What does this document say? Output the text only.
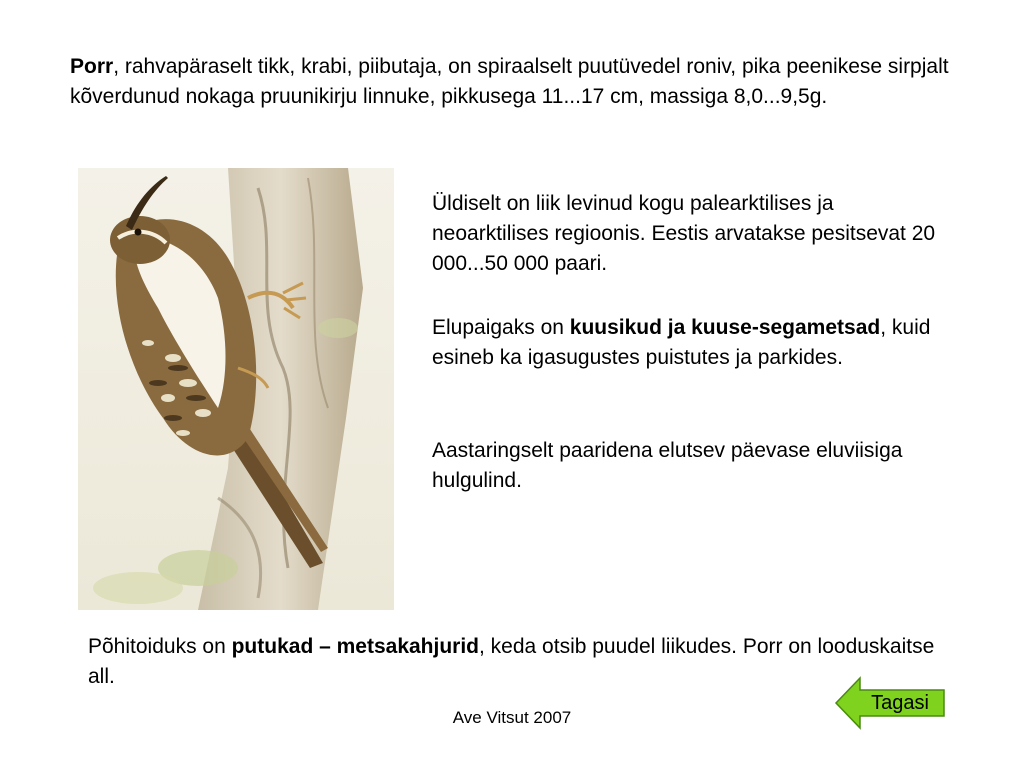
Porr, rahvapäraselt tikk, krabi, piibutaja, on spiraalselt puutüvedel roniv, pika peenikese sirpjalt kõverdunud nokaga pruunikirju linnuke, pikkusega 11...17 cm, massiga 8,0...9,5g.

Üldiselt on liik levinud kogu palearktilises ja neoarktilises regioonis. Eestis arvatakse pesitsevat 20 000...50 000 paari.

Elupaigaks on kuusikud ja kuuse-segametsad, kuid esineb ka igasugustes puistutes ja parkides.

Aastaringselt paaridena elutsev päevase eluviisiga hulgulind.

Põhitoiduks on putukad – metsakahjurid, keda otsib puudel liikudes. Porr on looduskaitse all.

Ave Vitsut 2007
Tagasi
